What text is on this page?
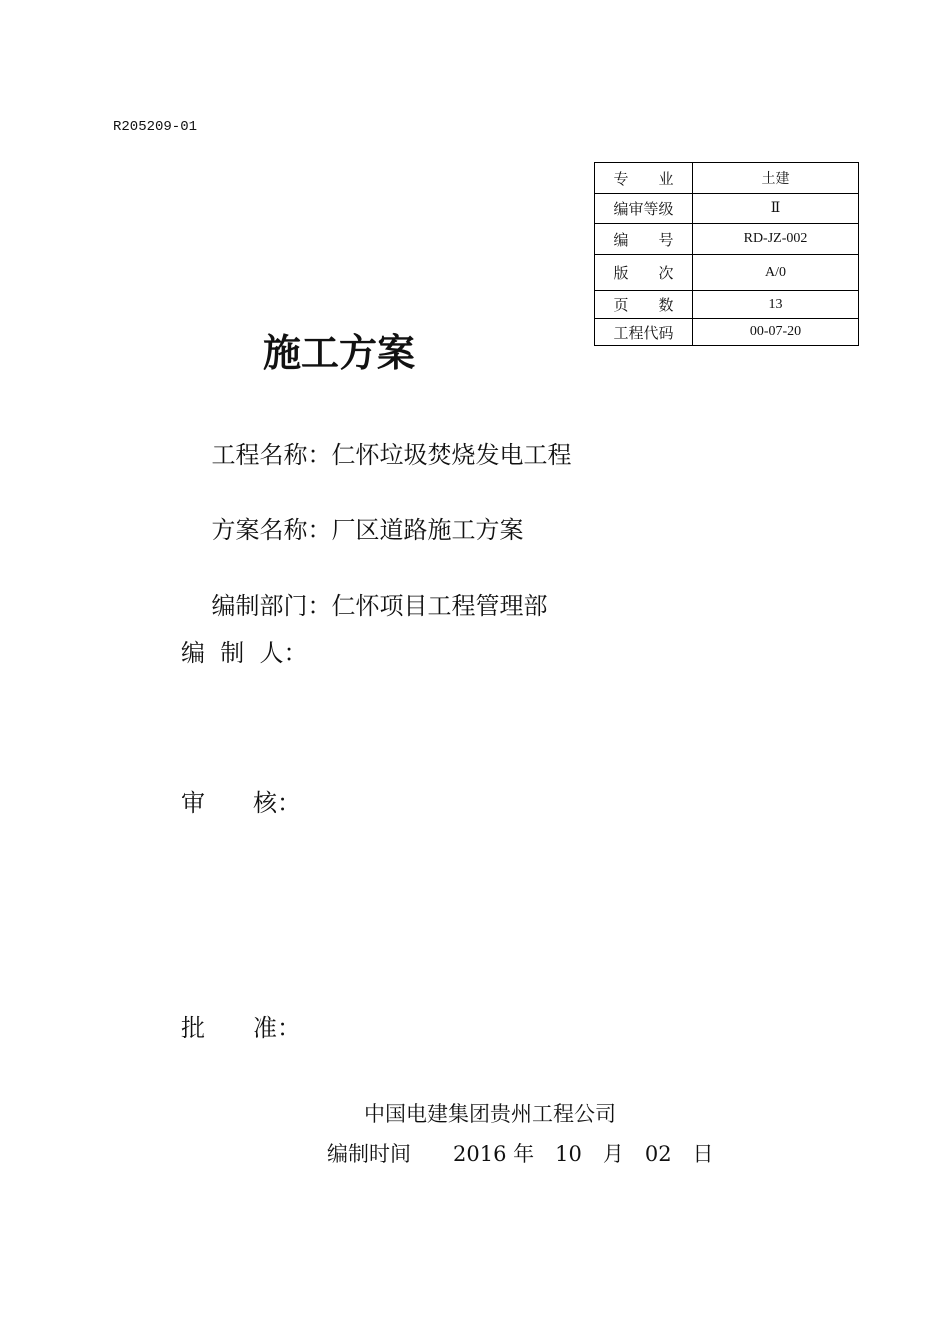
R205209-01
专　　业	土建
编审等级	Ⅱ
编　　号	RD-JZ-002
版　　次	A/0
页　　数	13
工程代码	00-07-20
施工方案

工程名称：仁怀垃圾焚烧发电工程

方案名称：厂区道路施工方案

编制部门：仁怀项目工程管理部

编  制  人：
审　　核：
批　　准：
中国电建集团贵州工程公司
编制时间　　2016 年　10　月　02　日
